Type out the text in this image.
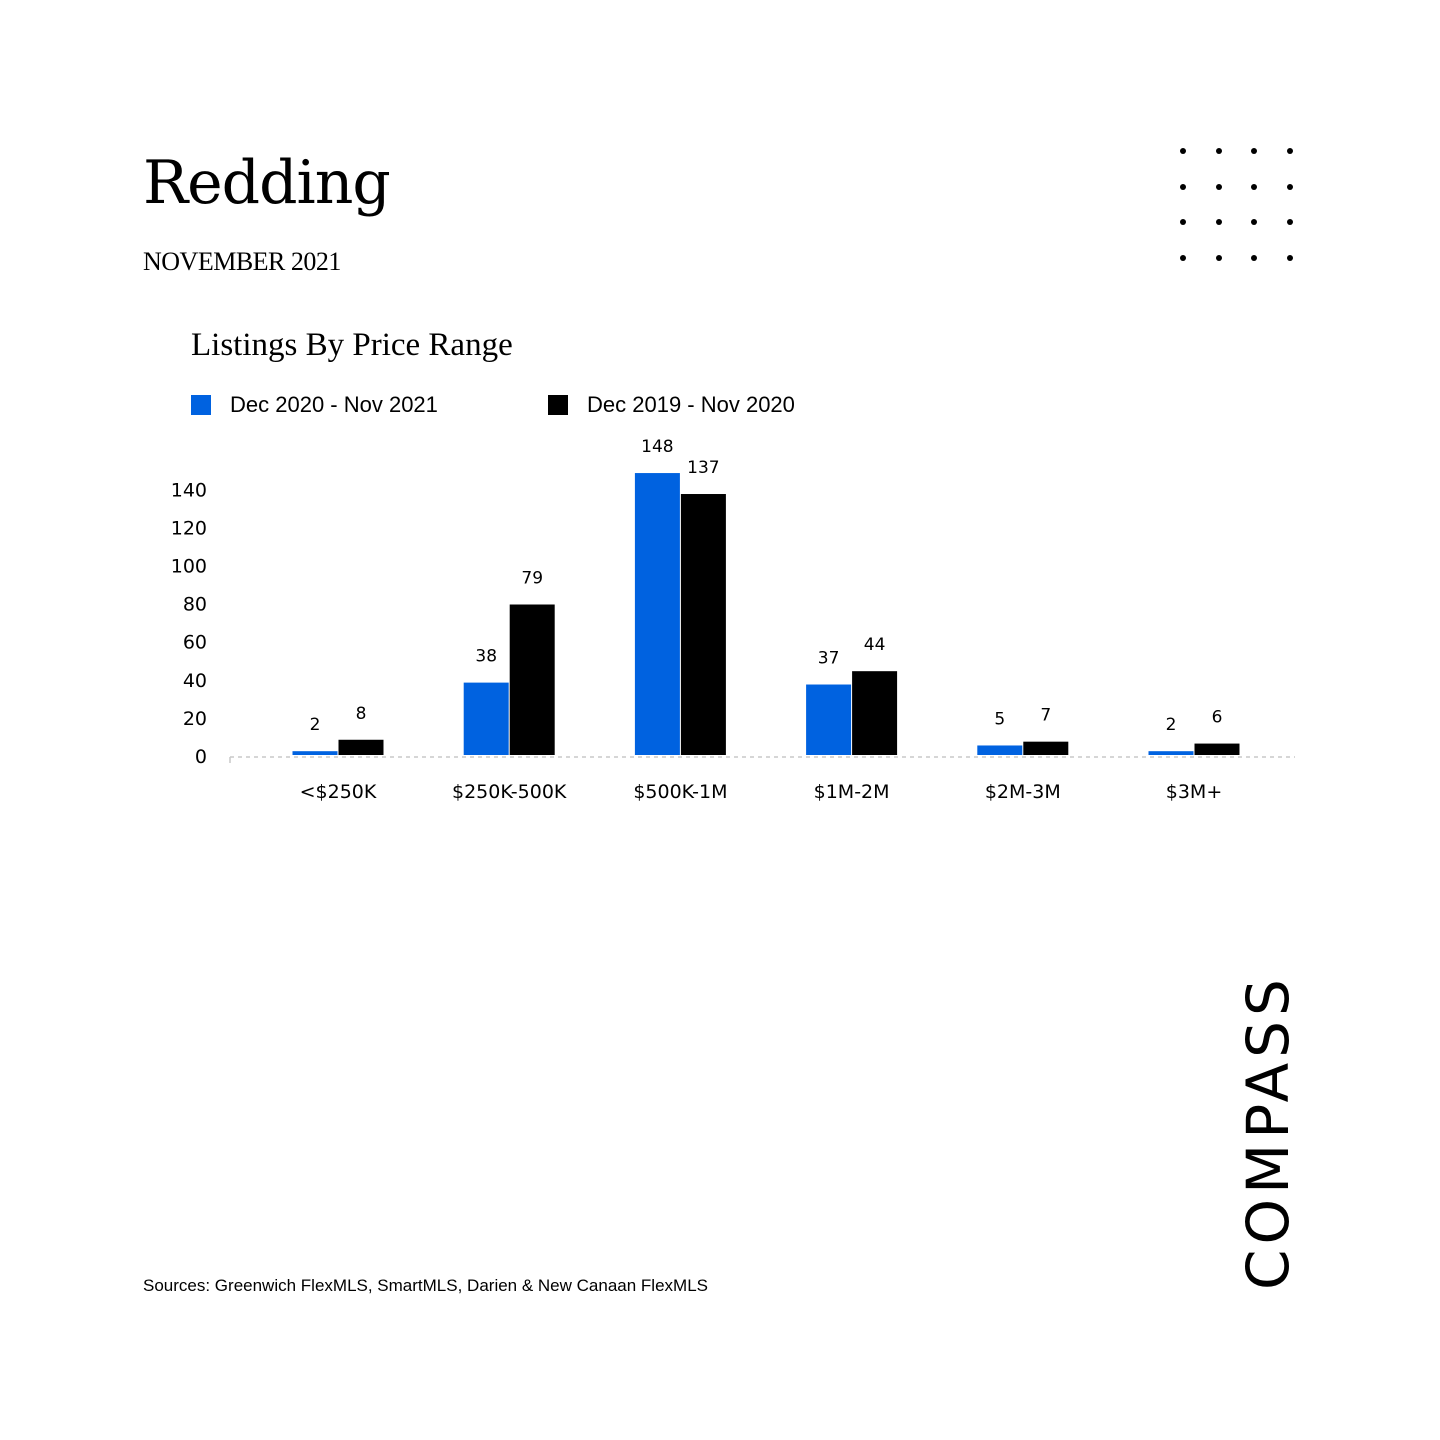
Redding
NOVEMBER 2021
Listings By Price Range
Dec 2020 - Nov 2021	Dec 2019 - Nov 2020
0
20
40
60
80
100
120
140
<$250K
2
8
$250K-500K
38
79
$500K-1M
148
137
$1M-2M
37
44
$2M-3M
5 7
$3M+
2 6
Sources: Greenwich FlexMLS, SmartMLS, Darien & New Canaan FlexMLS	COMPASS
